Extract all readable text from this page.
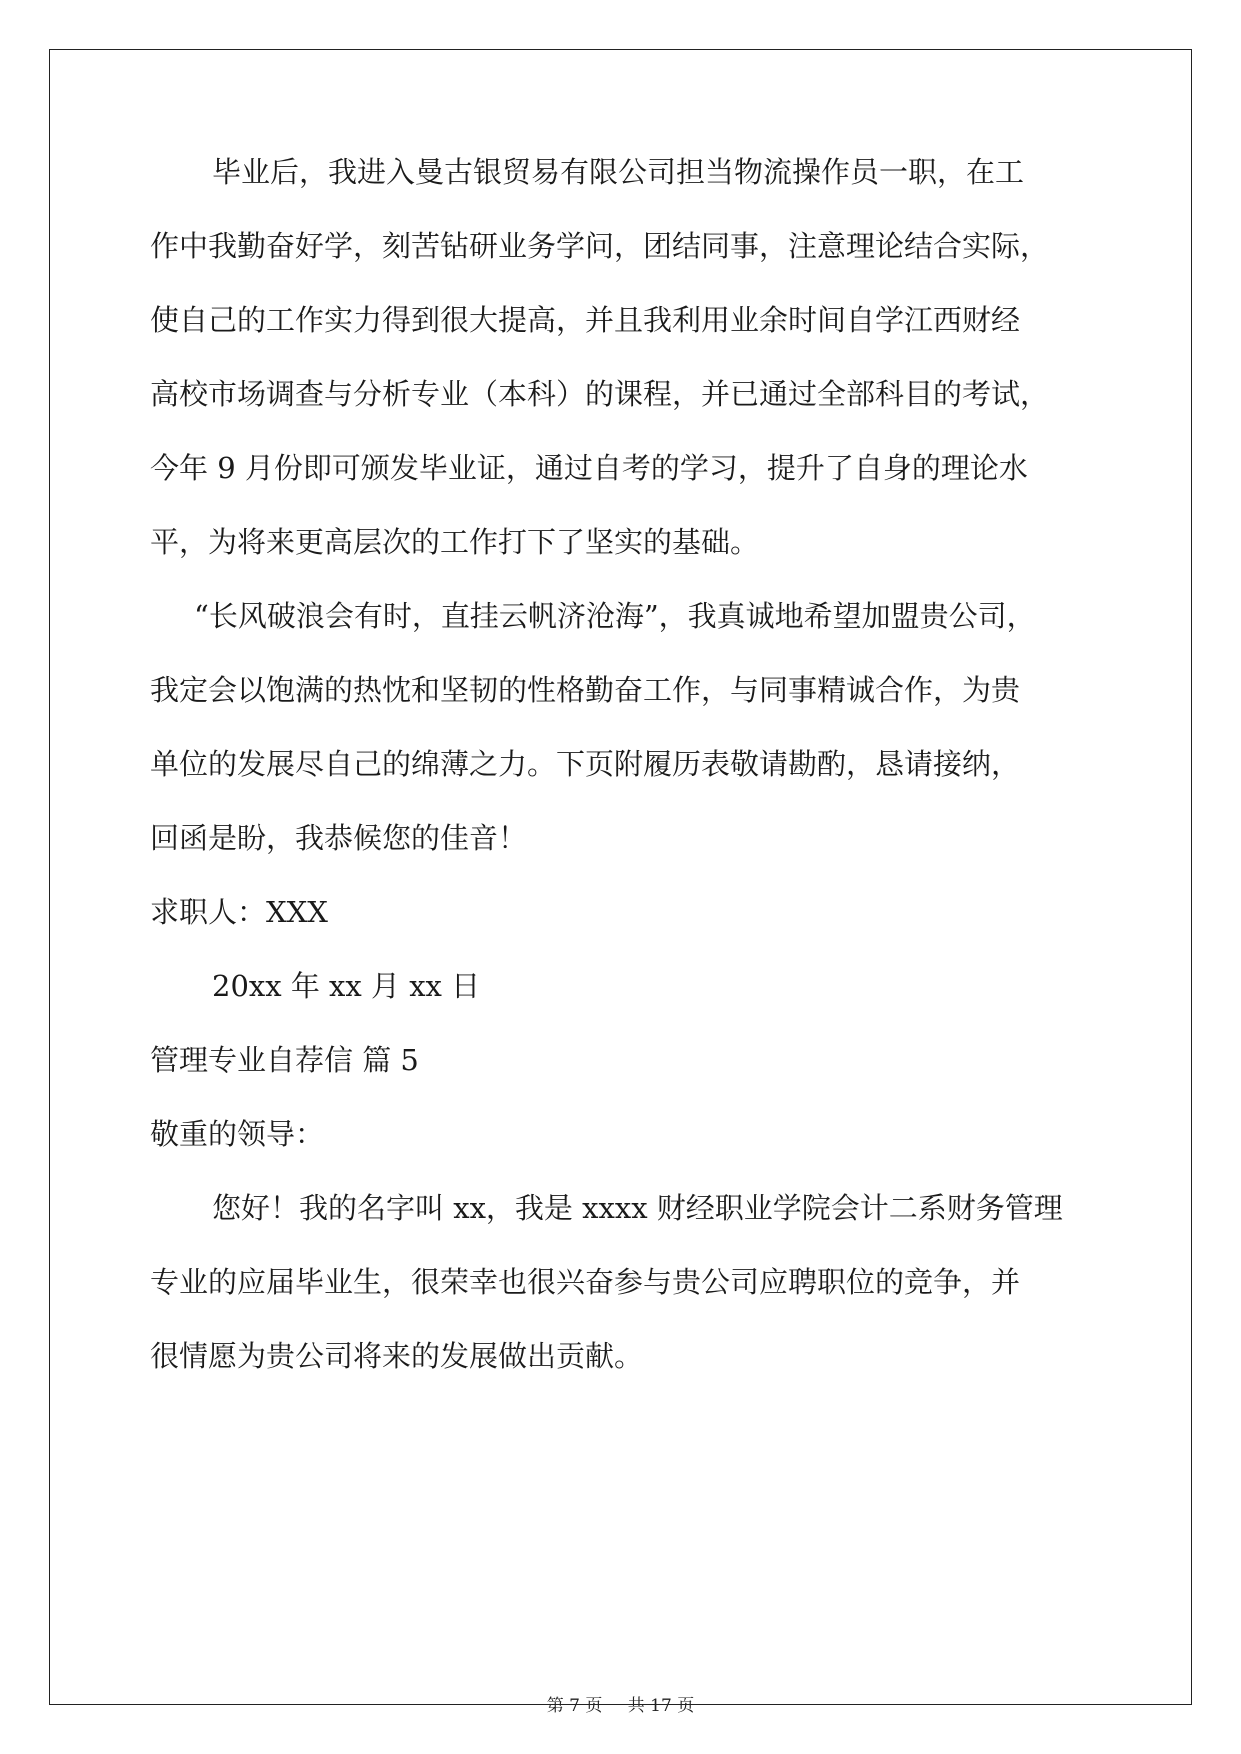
毕业后，我进入曼古银贸易有限公司担当物流操作员一职，在工
作中我勤奋好学，刻苦钻研业务学问，团结同事，注意理论结合实际，
使自己的工作实力得到很大提高，并且我利用业余时间自学江西财经
高校市场调查与分析专业（本科）的课程，并已通过全部科目的考试，
今年 9 月份即可颁发毕业证，通过自考的学习，提升了自身的理论水
平，为将来更高层次的工作打下了坚实的基础。
“长风破浪会有时，直挂云帆济沧海”，我真诚地希望加盟贵公司，
我定会以饱满的热忱和坚韧的性格勤奋工作，与同事精诚合作，为贵
单位的发展尽自己的绵薄之力。下页附履历表敬请勘酌，恳请接纳，
回函是盼，我恭候您的佳音！
求职人：XXX
20xx 年 xx 月 xx 日
管理专业自荐信 篇 5
敬重的领导：
您好！我的名字叫 xx，我是 xxxx 财经职业学院会计二系财务管理
专业的应届毕业生，很荣幸也很兴奋参与贵公司应聘职位的竞争，并
很情愿为贵公司将来的发展做出贡献。
第 7 页 共 17 页
